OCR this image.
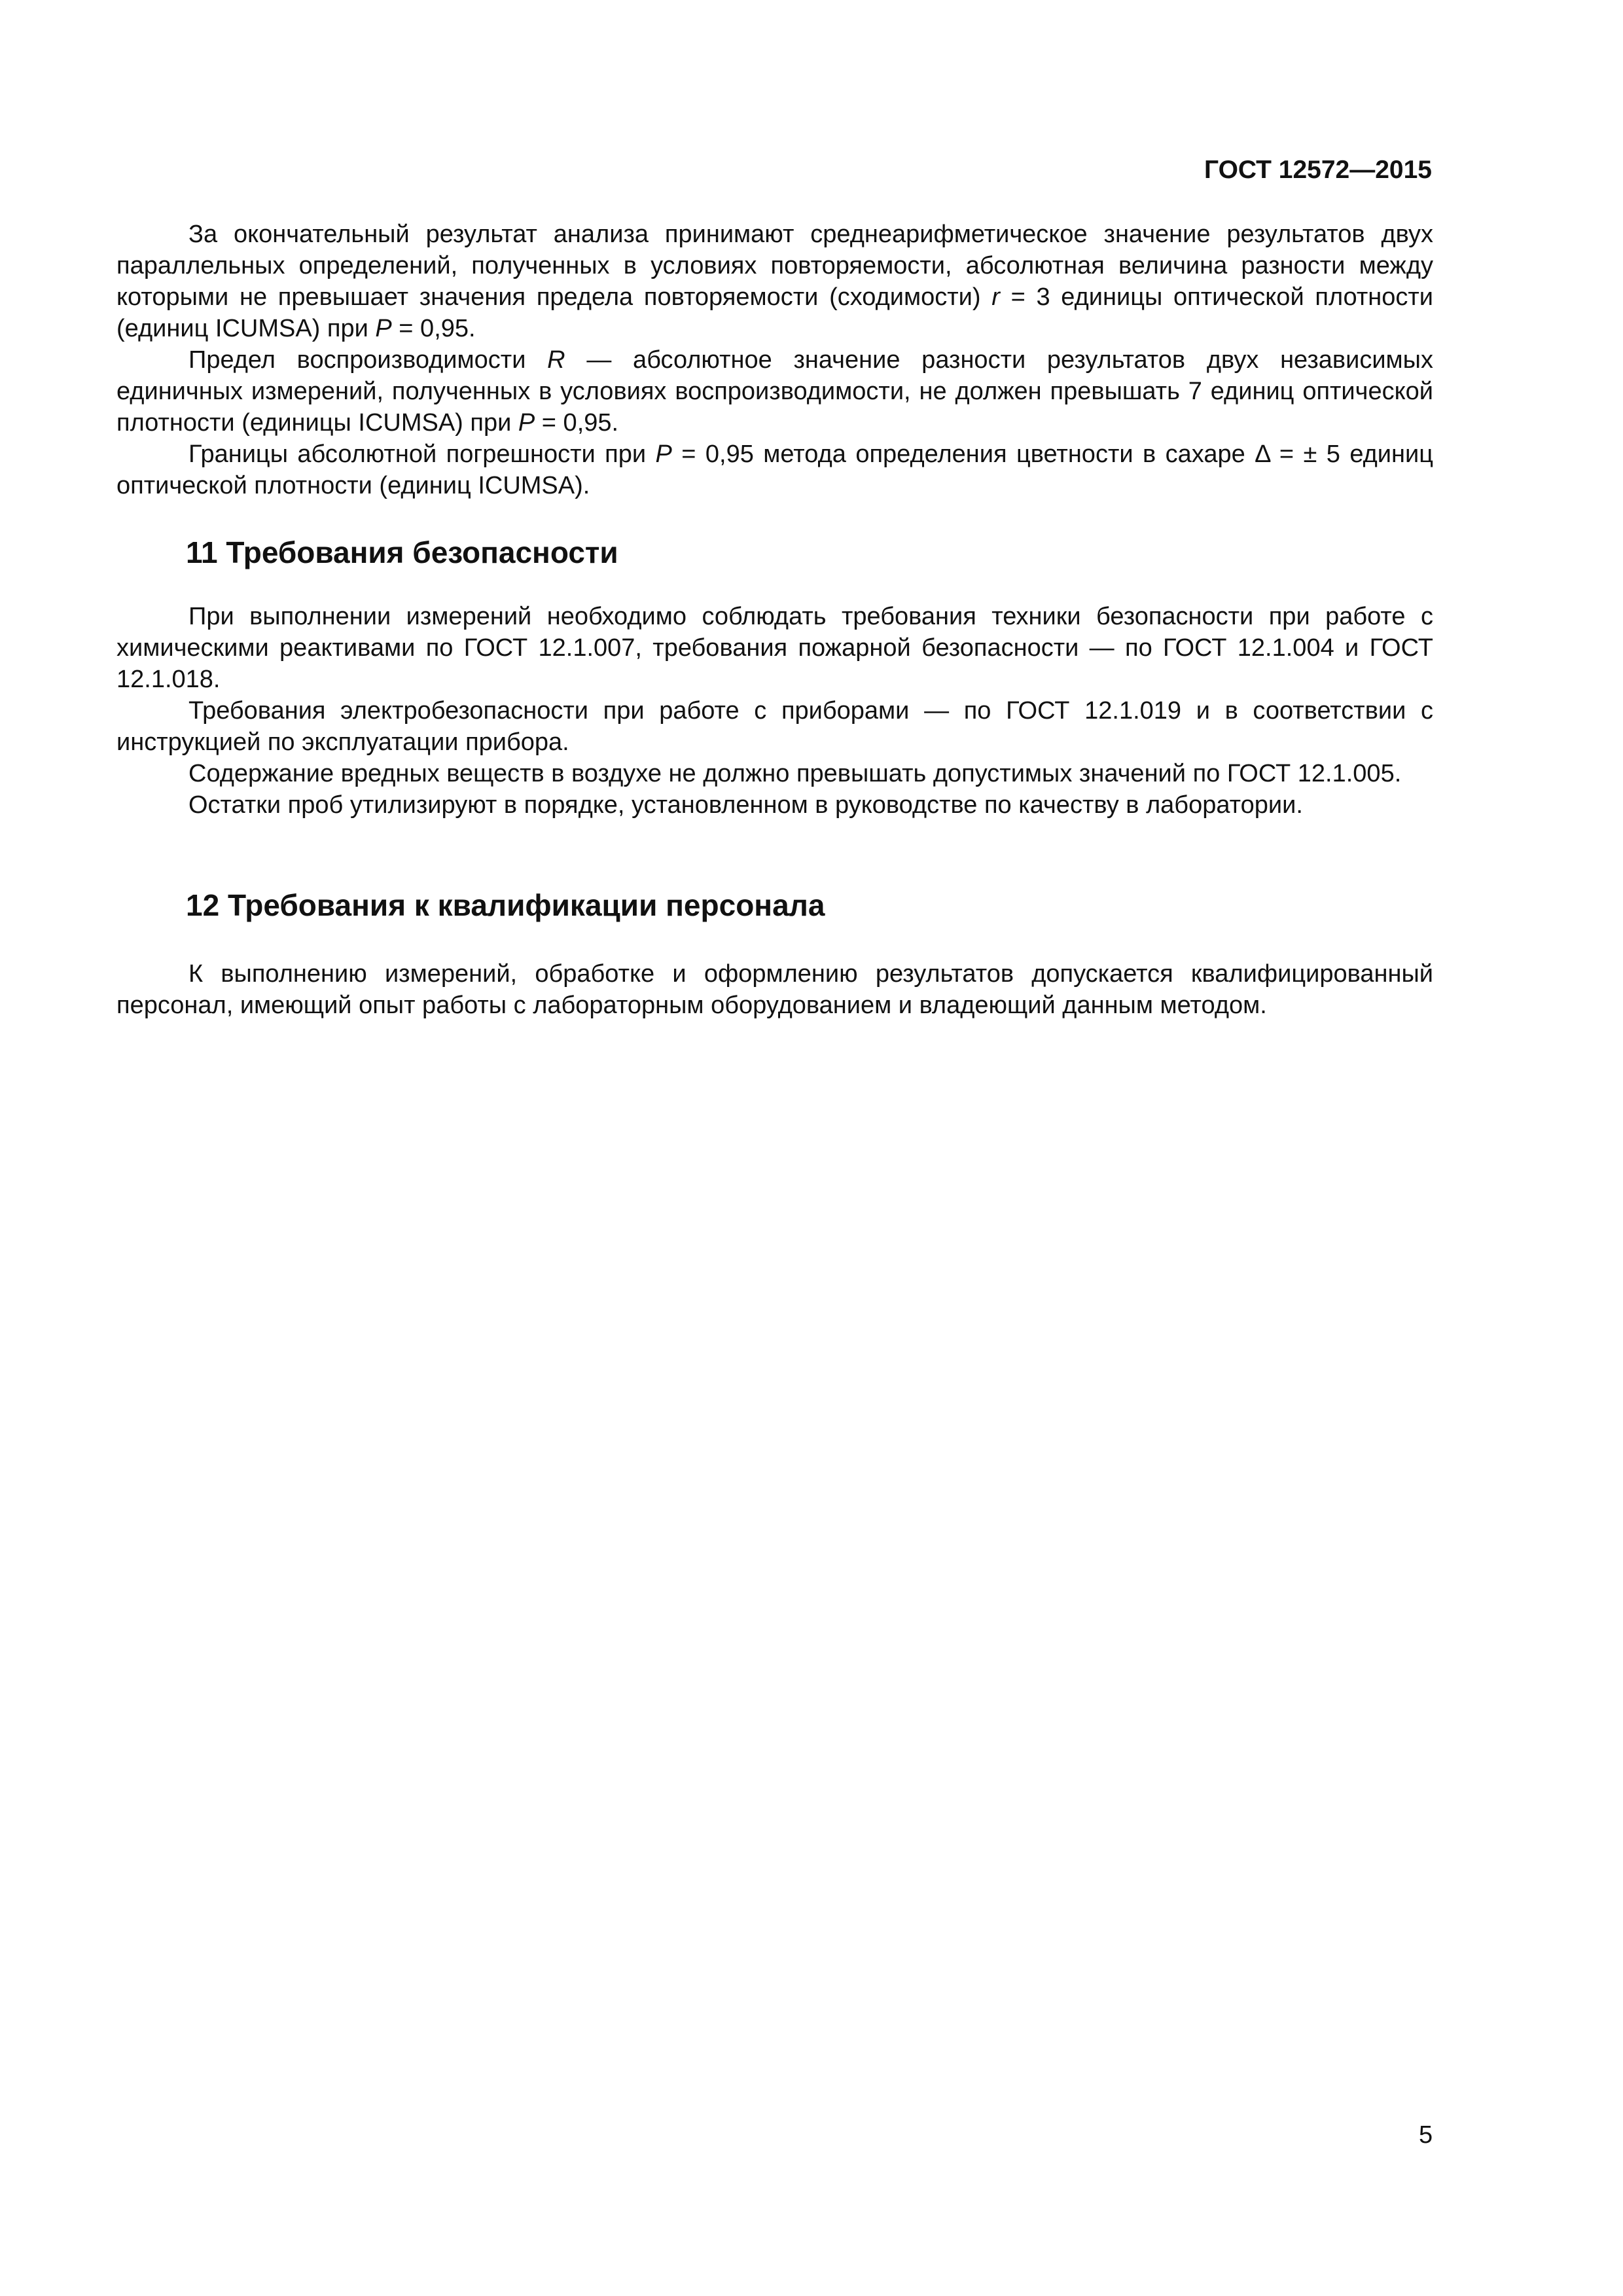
ГОСТ 12572—2015

За окончательный результат анализа принимают среднеарифметическое значение результатов двух параллельных определений, полученных в условиях повторяемости, абсолютная величина разности между которыми не превышает значения предела повторяемости (сходимости) r = 3 единицы оптической плотности (единиц ICUMSA) при P = 0,95.

Предел воспроизводимости R — абсолютное значение разности результатов двух независимых единичных измерений, полученных в условиях воспроизводимости, не должен превышать 7 единиц оптической плотности (единицы ICUMSA) при P = 0,95.

Границы абсолютной погрешности при P = 0,95 метода определения цветности в сахаре Δ = ± 5 единиц оптической плотности (единиц ICUMSA).

11 Требования безопасности

При выполнении измерений необходимо соблюдать требования техники безопасности при работе с химическими реактивами по ГОСТ 12.1.007, требования пожарной безопасности — по ГОСТ 12.1.004 и ГОСТ 12.1.018.

Требования электробезопасности при работе с приборами — по ГОСТ 12.1.019 и в соответствии с инструкцией по эксплуатации прибора.

Содержание вредных веществ в воздухе не должно превышать допустимых значений по ГОСТ 12.1.005.

Остатки проб утилизируют в порядке, установленном в руководстве по качеству в лаборатории.

12 Требования к квалификации персонала

К выполнению измерений, обработке и оформлению результатов допускается квалифицированный персонал, имеющий опыт работы с лабораторным оборудованием и владеющий данным методом.

5
